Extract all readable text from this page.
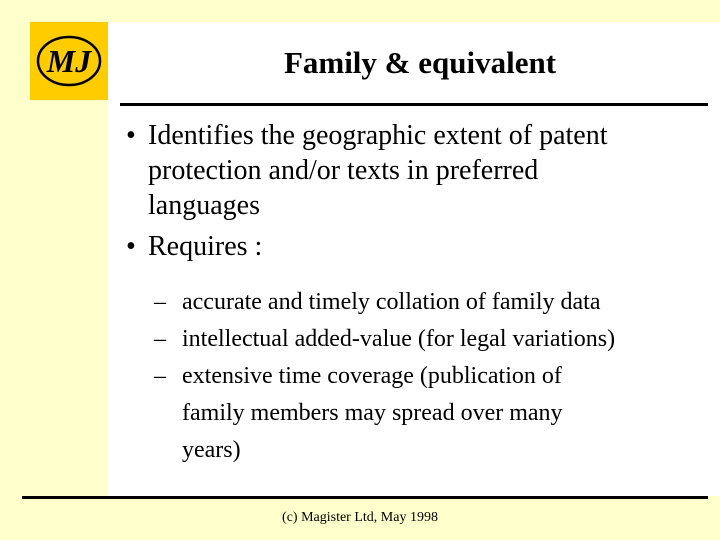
MJ	Family & equivalent
• Identifies the geographic extent of patent
protection and/or texts in preferred
languages
• Requires :
– accurate and timely collation of family data
– intellectual added-value (for legal variations)
– extensive time coverage (publication of
family members may spread over many
years)
(c) Magister Ltd, May 1998
